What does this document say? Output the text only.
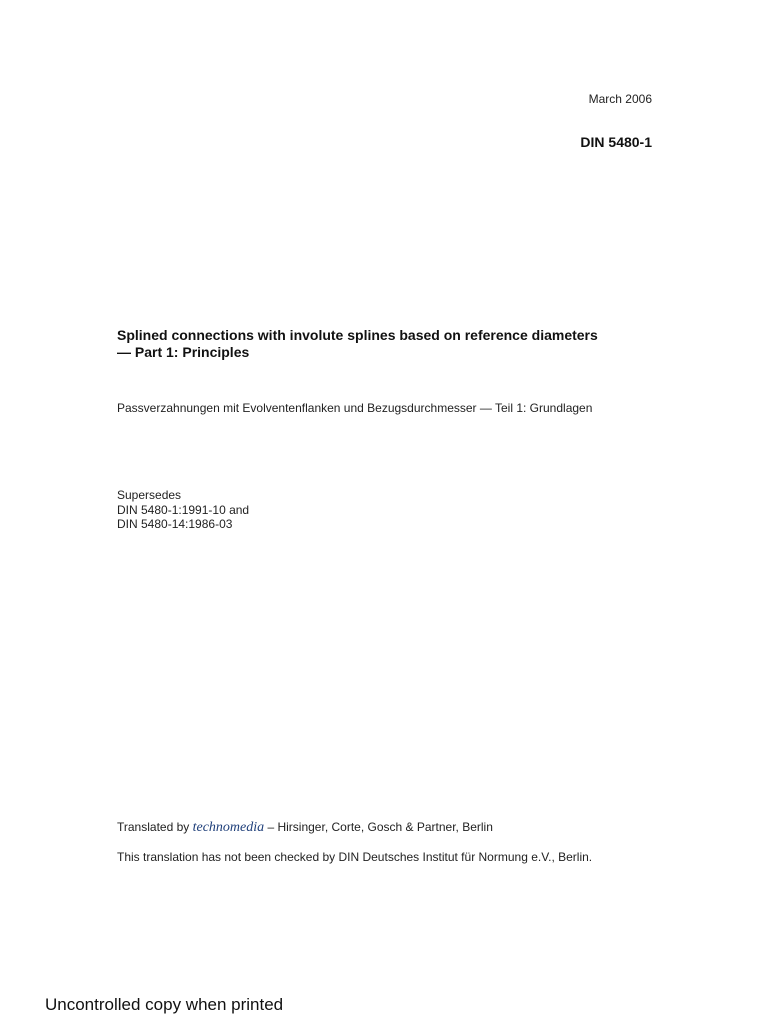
March 2006
DIN 5480-1
Splined connections with involute splines based on reference diameters
— Part 1: Principles
Passverzahnungen mit Evolventenflanken und Bezugsdurchmesser — Teil 1: Grundlagen
Supersedes
DIN 5480-1:1991-10 and
DIN 5480-14:1986-03
Translated by technomedia – Hirsinger, Corte, Gosch & Partner, Berlin
This translation has not been checked by DIN Deutsches Institut für Normung e.V., Berlin.
Uncontrolled copy when printed
